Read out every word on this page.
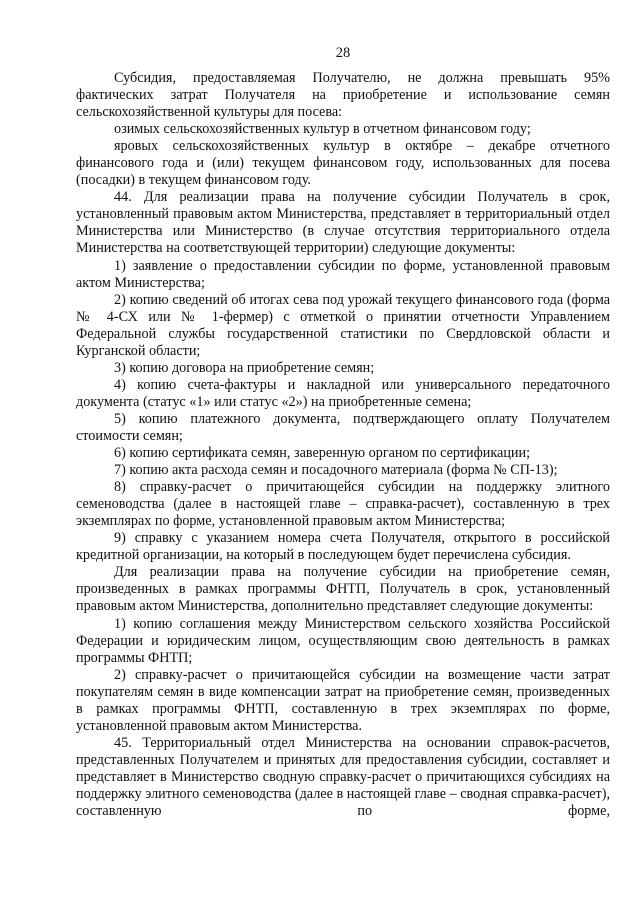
28

Субсидия, предоставляемая Получателю, не должна превышать 95% фактических затрат Получателя на приобретение и использование семян сельскохозяйственной культуры для посева:

озимых сельскохозяйственных культур в отчетном финансовом году;

яровых сельскохозяйственных культур в октябре – декабре отчетного финансового года и (или) текущем финансовом году, использованных для посева (посадки) в текущем финансовом году.

44. Для реализации права на получение субсидии Получатель в срок, установленный правовым актом Министерства, представляет в территориальный отдел Министерства или Министерство (в случае отсутствия территориального отдела Министерства на соответствующей территории) следующие документы:

1) заявление о предоставлении субсидии по форме, установленной правовым актом Министерства;

2) копию сведений об итогах сева под урожай текущего финансового года (форма № 4-СХ или № 1-фермер) с отметкой о принятии отчетности Управлением Федеральной службы государственной статистики по Свердловской области и Курганской области;

3) копию договора на приобретение семян;

4) копию счета-фактуры и накладной или универсального передаточного документа (статус «1» или статус «2») на приобретенные семена;

5) копию платежного документа, подтверждающего оплату Получателем стоимости семян;

6) копию сертификата семян, заверенную органом по сертификации;

7) копию акта расхода семян и посадочного материала (форма № СП-13);

8) справку-расчет о причитающейся субсидии на поддержку элитного семеноводства (далее в настоящей главе – справка-расчет), составленную в трех экземплярах по форме, установленной правовым актом Министерства;

9) справку с указанием номера счета Получателя, открытого в российской кредитной организации, на который в последующем будет перечислена субсидия.

Для реализации права на получение субсидии на приобретение семян, произведенных в рамках программы ФНТП, Получатель в срок, установленный правовым актом Министерства, дополнительно представляет следующие документы:

1) копию соглашения между Министерством сельского хозяйства Российской Федерации и юридическим лицом, осуществляющим свою деятельность в рамках программы ФНТП;

2) справку-расчет о причитающейся субсидии на возмещение части затрат покупателям семян в виде компенсации затрат на приобретение семян, произведенных в рамках программы ФНТП, составленную в трех экземплярах по форме, установленной правовым актом Министерства.

45. Территориальный отдел Министерства на основании справок-расчетов, представленных Получателем и принятых для предоставления субсидии, составляет и представляет в Министерство сводную справку-расчет о причитающихся субсидиях на поддержку элитного семеноводства (далее в настоящей главе – сводная справка-расчет), составленную по форме,
